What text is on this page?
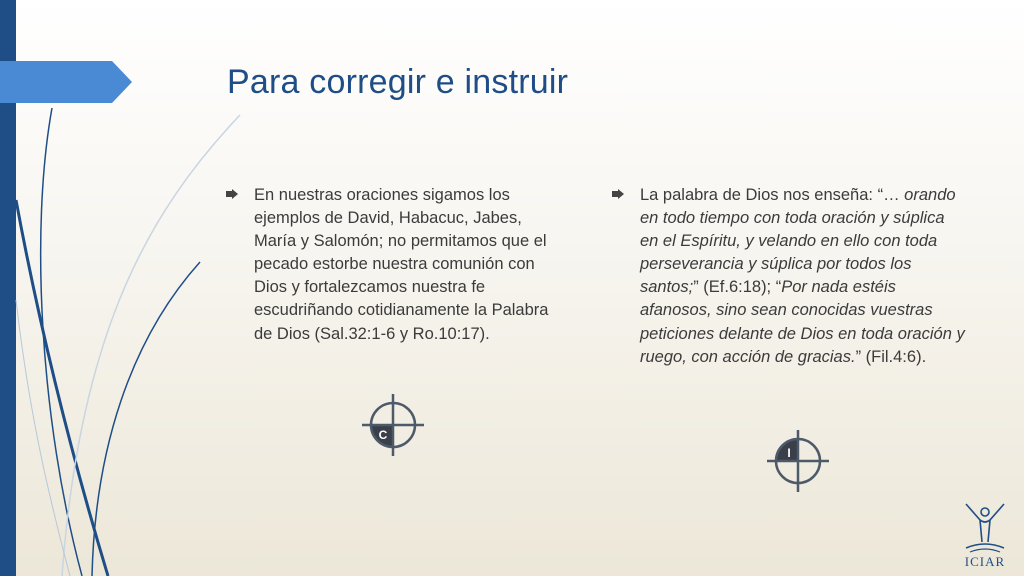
Para corregir e instruir
En nuestras oraciones sigamos los ejemplos de David, Habacuc, Jabes, María y Salomón; no permitamos que el pecado estorbe nuestra comunión con Dios y fortalezcamos nuestra fe escudriñando cotidianamente la Palabra de Dios (Sal.32:1-6 y Ro.10:17).
La palabra de Dios nos enseña: “… orando en todo tiempo con toda oración y súplica en el Espíritu, y velando en ello con toda perseverancia y súplica por todos los santos;” (Ef.6:18); “Por nada estéis afanosos, sino sean conocidas vuestras peticiones delante de Dios en toda oración y ruego, con acción de gracias.” (Fil.4:6).
C
I
ICIAR
